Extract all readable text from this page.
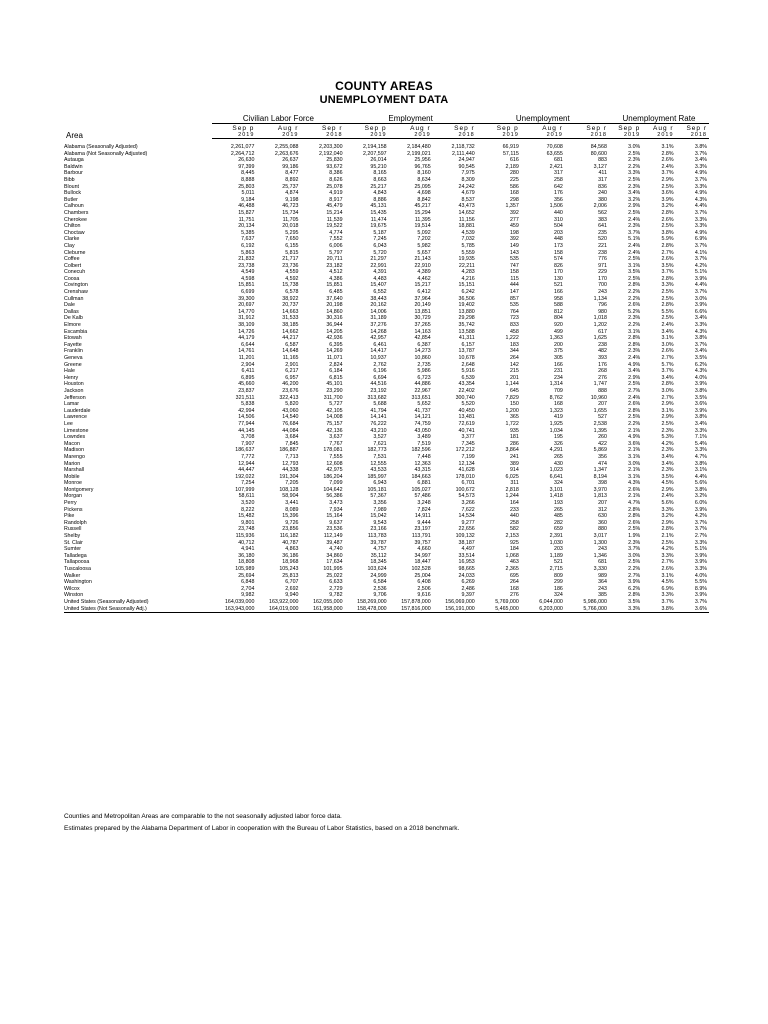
COUNTY AREAS
UNEMPLOYMENT DATA
	Civilian Labor Force			Employment			Unemployment			Unemployment Rate		
Area	Sep p	Aug r	Sep r	Sep p	Aug r	Sep r	Sep p	Aug r	Sep r	Sep p	Aug r	Sep r
	2019	2019	2018	2019	2019	2018	2019	2019	2018	2019	2019	2018

Alabama (Seasonally Adjusted)	2,261,077	2,255,088	2,203,300	2,194,158	2,184,480	2,118,732	66,919	70,608	84,568	3.0%	3.1%	3.8%
Alabama (Not Seasonally Adjusted)	2,264,712	2,263,676	2,192,040	2,207,597	2,199,021	2,111,440	57,115	63,655	80,600	2.5%	2.8%	3.7%
Autauga	26,630	26,637	25,830	26,014	25,956	24,947	616	681	883	2.3%	2.6%	3.4%
Baldwin	97,399	99,186	93,672	95,210	96,765	90,545	2,189	2,421	3,127	2.2%	2.4%	3.3%
Barbour	8,445	8,477	8,386	8,165	8,160	7,975	280	317	411	3.3%	3.7%	4.9%
Bibb	8,888	8,892	8,626	8,663	8,634	8,309	225	258	317	2.5%	2.9%	3.7%
Blount	25,803	25,737	25,078	25,217	25,095	24,242	586	642	836	2.3%	2.5%	3.3%
Bullock	5,011	4,874	4,919	4,843	4,698	4,679	168	176	240	3.4%	3.6%	4.9%
Butler	9,184	9,198	8,917	8,886	8,842	8,537	298	356	380	3.2%	3.9%	4.3%
Calhoun	46,488	46,723	45,479	45,131	45,217	43,473	1,357	1,506	2,006	2.9%	3.2%	4.4%
Chambers	15,827	15,734	15,214	15,435	15,294	14,652	392	440	562	2.5%	2.8%	3.7%
Cherokee	11,751	11,705	11,539	11,474	11,395	11,156	277	310	383	2.4%	2.6%	3.3%
Chilton	20,134	20,018	19,522	19,675	19,514	18,881	459	504	641	2.3%	2.5%	3.3%
Choctaw	5,385	5,295	4,774	5,187	5,092	4,539	198	203	235	3.7%	3.8%	4.9%
Clarke	7,637	7,650	7,552	7,245	7,202	7,032	392	448	520	5.1%	5.9%	6.9%
Clay	6,192	6,155	6,006	6,043	5,982	5,785	149	173	221	2.4%	2.8%	3.7%
Cleburne	5,863	5,815	5,797	5,720	5,657	5,559	143	158	238	2.4%	2.7%	4.1%
Coffee	21,832	21,717	20,711	21,297	21,143	19,935	535	574	776	2.5%	2.6%	3.7%
Colbert	23,738	23,736	23,182	22,991	22,910	22,211	747	826	971	3.1%	3.5%	4.2%
Conecuh	4,549	4,559	4,512	4,391	4,389	4,283	158	170	229	3.5%	3.7%	5.1%
Coosa	4,598	4,592	4,386	4,483	4,462	4,216	115	130	170	2.5%	2.8%	3.9%
Covington	15,851	15,738	15,851	15,407	15,217	15,151	444	521	700	2.8%	3.3%	4.4%
Crenshaw	6,699	6,578	6,485	6,552	6,412	6,242	147	166	243	2.2%	2.5%	3.7%
Cullman	39,300	38,922	37,640	38,443	37,964	36,506	857	958	1,134	2.2%	2.5%	3.0%
Dale	20,697	20,737	20,198	20,162	20,149	19,402	535	588	796	2.6%	2.8%	3.9%
Dallas	14,770	14,663	14,860	14,006	13,851	13,880	764	812	980	5.2%	5.5%	6.6%
De Kalb	31,912	31,533	30,316	31,189	30,729	29,298	723	804	1,018	2.3%	2.5%	3.4%
Elmore	38,109	38,185	36,944	37,276	37,265	35,742	833	920	1,202	2.2%	2.4%	3.3%
Escambia	14,726	14,662	14,205	14,268	14,163	13,588	458	499	617	3.1%	3.4%	4.3%
Etowah	44,179	44,217	42,936	42,957	42,854	41,311	1,222	1,363	1,625	2.8%	3.1%	3.8%
Fayette	6,644	6,587	6,395	6,461	6,387	6,157	183	200	238	2.8%	3.0%	3.7%
Franklin	14,761	14,648	14,269	14,417	14,273	13,787	344	375	482	2.3%	2.6%	3.4%
Geneva	11,201	11,165	11,071	10,937	10,860	10,678	264	305	393	2.4%	2.7%	3.5%
Greene	2,904	2,901	2,824	2,762	2,735	2,648	142	166	176	4.9%	5.7%	6.2%
Hale	6,411	6,217	6,184	6,196	5,986	5,916	215	231	268	3.4%	3.7%	4.3%
Henry	6,895	6,957	6,815	6,694	6,723	6,539	201	234	276	2.9%	3.4%	4.0%
Houston	45,660	46,200	45,101	44,516	44,886	43,354	1,144	1,314	1,747	2.5%	2.8%	3.9%
Jackson	23,837	23,676	23,290	23,192	22,967	22,402	645	709	888	2.7%	3.0%	3.8%
Jefferson	321,511	322,413	311,700	313,682	313,651	300,740	7,829	8,762	10,960	2.4%	2.7%	3.5%
Lamar	5,838	5,820	5,727	5,688	5,652	5,520	150	168	207	2.6%	2.9%	3.6%
Lauderdale	42,994	43,060	42,105	41,794	41,737	40,450	1,200	1,323	1,655	2.8%	3.1%	3.9%
Lawrence	14,506	14,540	14,008	14,141	14,121	13,481	365	419	527	2.5%	2.9%	3.8%
Lee	77,944	76,684	75,157	76,222	74,759	72,619	1,722	1,925	2,538	2.2%	2.5%	3.4%
Limestone	44,145	44,084	42,136	43,210	43,050	40,741	935	1,034	1,395	2.1%	2.3%	3.3%
Lowndes	3,708	3,684	3,637	3,527	3,489	3,377	181	195	260	4.9%	5.3%	7.1%
Macon	7,907	7,845	7,767	7,621	7,519	7,345	286	326	422	3.6%	4.2%	5.4%
Madison	186,637	186,887	178,081	182,773	182,596	172,212	3,864	4,291	5,869	2.1%	2.3%	3.3%
Marengo	7,772	7,713	7,555	7,531	7,448	7,199	241	265	356	3.1%	3.4%	4.7%
Marion	12,944	12,793	12,608	12,555	12,363	12,134	389	430	474	3.0%	3.4%	3.8%
Marshall	44,447	44,338	42,975	43,533	43,315	41,628	914	1,023	1,347	2.1%	2.3%	3.1%
Mobile	192,022	191,304	186,204	185,997	184,663	178,010	6,025	6,641	8,194	3.1%	3.5%	4.4%
Monroe	7,254	7,205	7,099	6,943	6,881	6,701	311	324	398	4.3%	4.5%	5.6%
Montgomery	107,999	108,128	104,642	105,181	105,027	100,672	2,818	3,101	3,970	2.6%	2.9%	3.8%
Morgan	58,611	58,904	56,386	57,367	57,486	54,573	1,244	1,418	1,813	2.1%	2.4%	3.2%
Perry	3,520	3,441	3,473	3,356	3,248	3,266	164	193	207	4.7%	5.6%	6.0%
Pickens	8,222	8,089	7,934	7,989	7,824	7,622	233	265	312	2.8%	3.3%	3.9%
Pike	15,482	15,396	15,164	15,042	14,911	14,534	440	485	630	2.8%	3.2%	4.2%
Randolph	9,801	9,726	9,637	9,543	9,444	9,277	258	282	360	2.6%	2.9%	3.7%
Russell	23,748	23,856	23,536	23,166	23,197	22,656	582	659	880	2.5%	2.8%	3.7%
Shelby	115,936	116,182	112,149	113,783	113,791	109,132	2,153	2,391	3,017	1.9%	2.1%	2.7%
St. Clair	40,712	40,787	39,487	39,787	39,757	38,187	925	1,030	1,300	2.3%	2.5%	3.3%
Sumter	4,941	4,863	4,740	4,757	4,660	4,497	184	203	243	3.7%	4.2%	5.1%
Talladega	36,180	36,186	34,860	35,112	34,997	33,514	1,068	1,189	1,346	3.0%	3.3%	3.9%
Tallapoosa	18,808	18,968	17,634	18,345	18,447	16,953	463	521	681	2.5%	2.7%	3.9%
Tuscaloosa	105,989	105,243	101,995	103,624	102,528	98,665	2,365	2,715	3,330	2.2%	2.6%	3.3%
Walker	25,694	25,813	25,022	24,999	25,004	24,033	695	809	989	2.7%	3.1%	4.0%
Washington	6,848	6,707	6,633	6,584	6,408	6,269	264	299	364	3.9%	4.5%	5.5%
Wilcox	2,704	2,692	2,729	2,536	2,506	2,486	168	186	243	6.2%	6.9%	8.9%
Winston	9,982	9,940	9,782	9,706	9,616	9,397	276	324	385	2.8%	3.3%	3.9%
United States (Seasonally Adjusted)	164,039,000	163,922,000	162,055,000	158,269,000	157,878,000	156,069,000	5,769,000	6,044,000	5,986,000	3.5%	3.7%	3.7%
United States (Not Seasonally Adj.)	163,943,000	164,019,000	161,958,000	158,478,000	157,816,000	156,191,000	5,465,000	6,203,000	5,766,000	3.3%	3.8%	3.6%
Counties and Metropolitan Areas are comparable to the not seasonally adjusted labor force data.
Estimates prepared by the Alabama Department of Labor in cooperation with the Bureau of Labor Statistics, based on a 2018 benchmark.
